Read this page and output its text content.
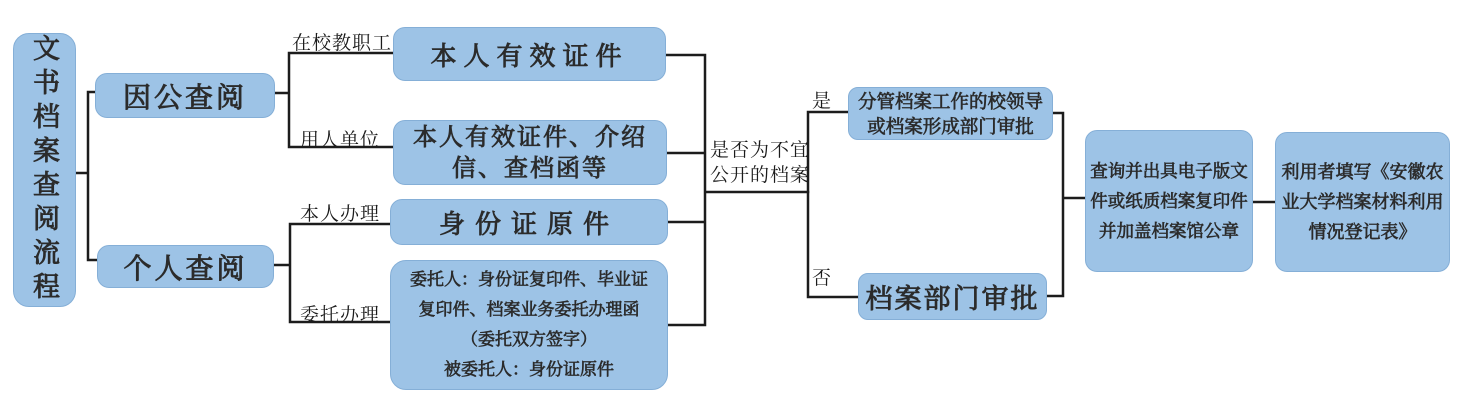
文书档案查阅流程	因公查阅
个人查阅
在校教职工
用人单位
本人办理
委托办理
本人有效证件
本人有效证件、介绍
信、查档函等
身份证原件
委托人：身份证复印件、毕业证
复印件、档案业务委托办理函
（委托双方签字）
被委托人：身份证原件
是否为不宜
公开的档案
是
否
分管档案工作的校领导
或档案形成部门审批
档案部门审批
查询并出具电子版文
件或纸质档案复印件
并加盖档案馆公章
利用者填写《安徽农
业大学档案材料利用
情况登记表》
